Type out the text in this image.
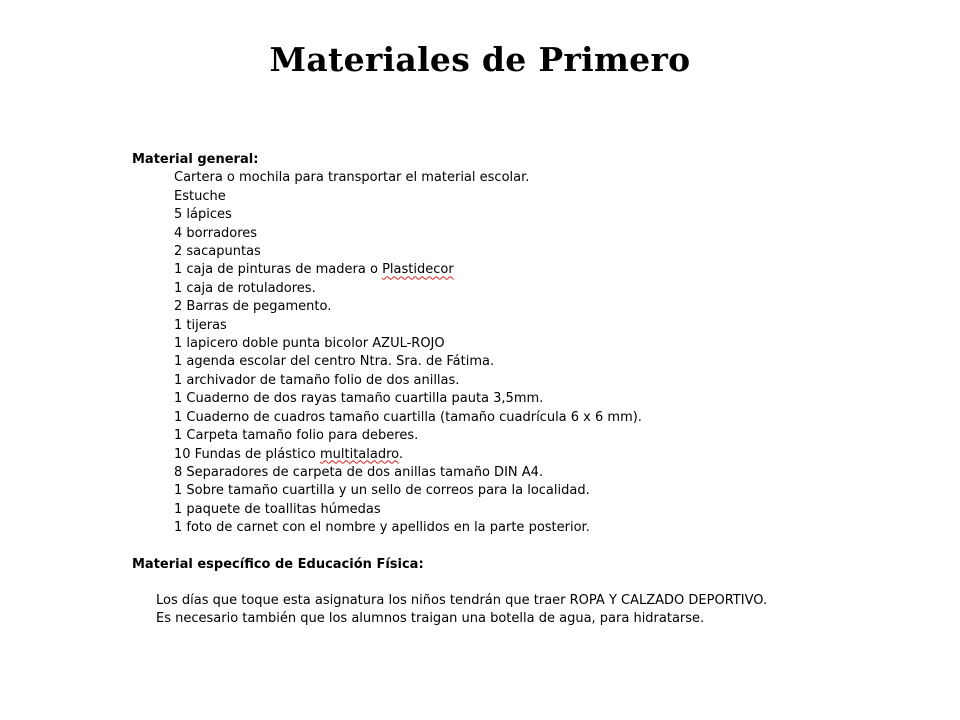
Materiales de Primero
Material general:
Cartera o mochila para transportar el material escolar.
Estuche
5 lápices
4 borradores
2 sacapuntas
1 caja de pinturas de madera o Plastidecor
1 caja de rotuladores.
2 Barras de pegamento.
1 tijeras
1 lapicero doble punta bicolor AZUL-ROJO
1 agenda escolar del centro Ntra. Sra. de Fátima.
1 archivador de tamaño folio de dos anillas.
1 Cuaderno de dos rayas tamaño cuartilla pauta 3,5mm.
1 Cuaderno de cuadros tamaño cuartilla (tamaño cuadrícula 6 x 6 mm).
1 Carpeta tamaño folio para deberes.
10 Fundas de plástico multitaladro.
8 Separadores de carpeta de dos anillas tamaño DIN A4.
1 Sobre tamaño cuartilla y un sello de correos para la localidad.
1 paquete de toallitas húmedas
1 foto de carnet con el nombre y apellidos en la parte posterior.
Material específico de Educación Física:
Los días que toque esta asignatura los niños tendrán que traer ROPA Y CALZADO DEPORTIVO.
Es necesario también que los alumnos traigan una botella de agua, para hidratarse.
